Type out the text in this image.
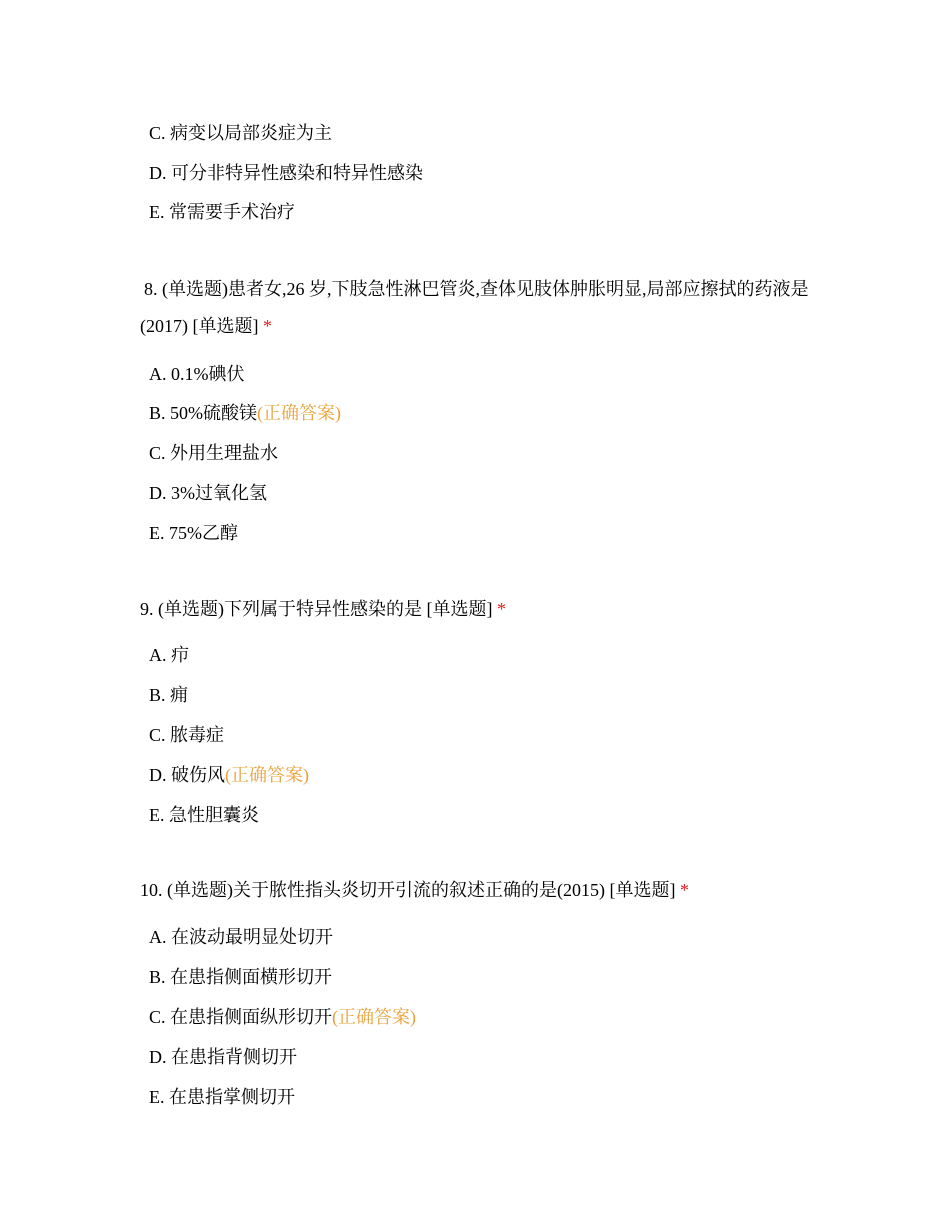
C. 病变以局部炎症为主
D. 可分非特异性感染和特异性感染
E. 常需要手术治疗
8. (单选题)患者女,26 岁,下肢急性淋巴管炎,查体见肢体肿胀明显,局部应擦拭的药液是(2017) [单选题] *
A. 0.1%碘伏
B. 50%硫酸镁(正确答案)
C. 外用生理盐水
D. 3%过氧化氢
E. 75%乙醇
9. (单选题)下列属于特异性感染的是 [单选题] *
A. 疖
B. 痈
C. 脓毒症
D. 破伤风(正确答案)
E. 急性胆囊炎
10. (单选题)关于脓性指头炎切开引流的叙述正确的是(2015) [单选题] *
A. 在波动最明显处切开
B. 在患指侧面横形切开
C. 在患指侧面纵形切开(正确答案)
D. 在患指背侧切开
E. 在患指掌侧切开
